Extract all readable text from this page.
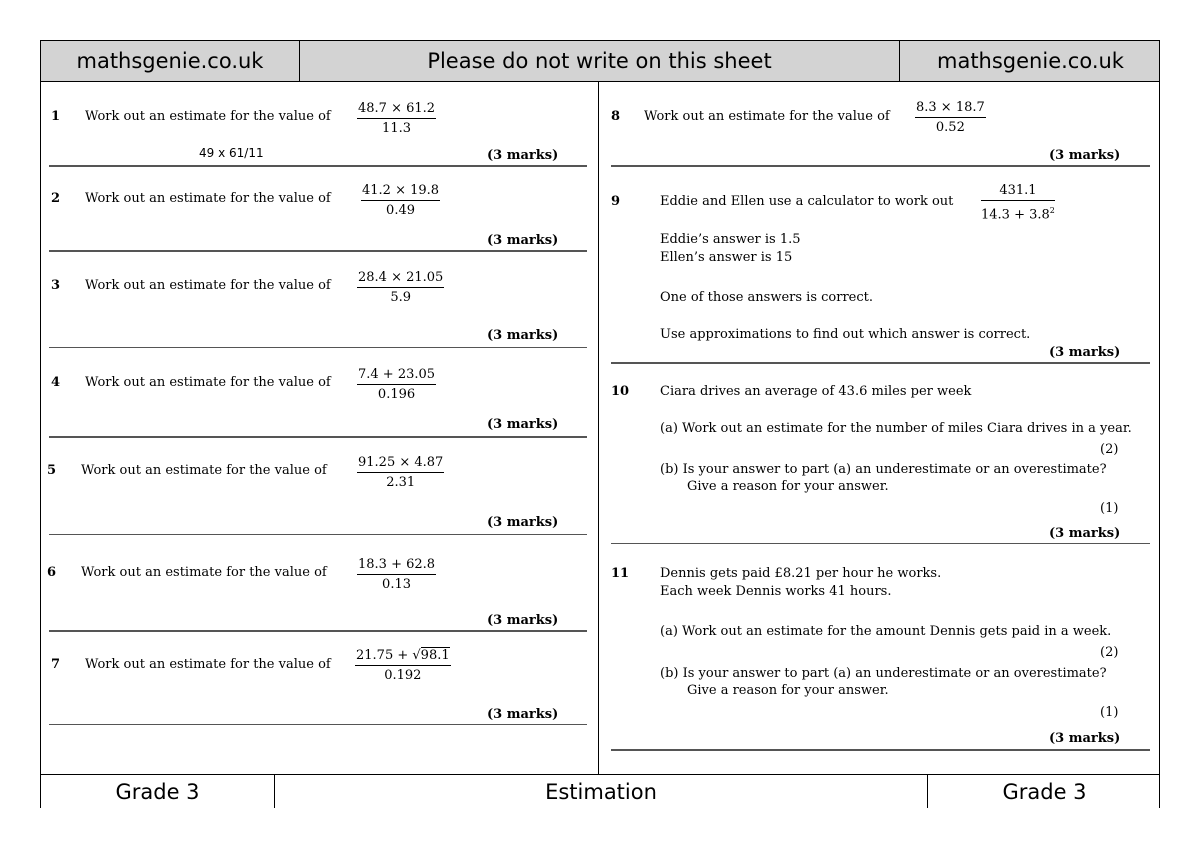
mathsgenie.co.uk	Please do not write on this sheet	mathsgenie.co.uk
1 Work out an estimate for the value of $\frac{48.7 \times 61.2}{11.3}$
49 x 61/11	(3 marks)
2 Work out an estimate for the value of $\frac{41.2 \times 19.8}{0.49}$
(3 marks)
3 Work out an estimate for the value of $\frac{28.4 \times 21.05}{5.9}$
(3 marks)
4 Work out an estimate for the value of $\frac{7.4 + 23.05}{0.196}$
(3 marks)
5 Work out an estimate for the value of $\frac{91.25 \times 4.87}{2.31}$
(3 marks)
6 Work out an estimate for the value of $\frac{18.3 + 62.8}{0.13}$
(3 marks)
7 Work out an estimate for the value of $\frac{21.75 + √98.1}{0.192}$
(3 marks)
8 Work out an estimate for the value of $\frac{8.3 \times 18.7}{0.52}$
(3 marks)
9	Eddie and Ellen use a calculator to work out $\frac{431.1}{14.3 + 3.8^2}$
Eddie’s answer is 1.5
Ellen’s answer is 15
One of those answers is correct.
Use approximations to find out which answer is correct.
(3 marks)
10 Ciara drives an average of 43.6 miles per week
(a) Work out an estimate for the number of miles Ciara drives in a year.
(2)
(b) Is your answer to part (a) an underestimate or an overestimate?
Give a reason for your answer.
(1)
(3 marks)
11 Dennis gets paid £8.21 per hour he works.
Each week Dennis works 41 hours.
(a) Work out an estimate for the amount Dennis gets paid in a week.
(2)
(b) Is your answer to part (a) an underestimate or an overestimate?
Give a reason for your answer.
(1)
(3 marks)
Grade 3	Estimation	Grade 3
